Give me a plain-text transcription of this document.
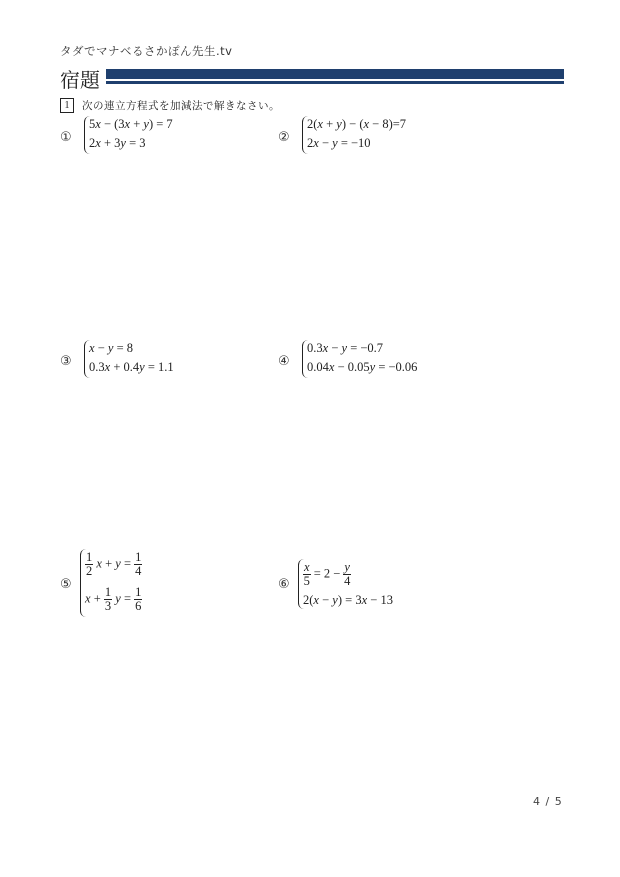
タダでマナベるさかぽん先生.tv
宿題
1	次の連立方程式を加減法で解きなさい。
①
5x − (3x + y) = 7
2x + 3y = 3	②
2(x + y) − (x − 8)=7
2x − y = −10
③
x − y = 8
0.3x + 0.4y = 1.1	④
0.3x − y = −0.7
0.04x − 0.05y = −0.06
⑤
$\frac{1}{2}$ $x + y = \frac{1}{4}$
$x + \frac{1}{3}$ $y = \frac{1}{6}$
⑥ $\frac{x}{5} = 2 - \frac{y}{4}$
2(x − y) = 3x − 13
4 / 5
